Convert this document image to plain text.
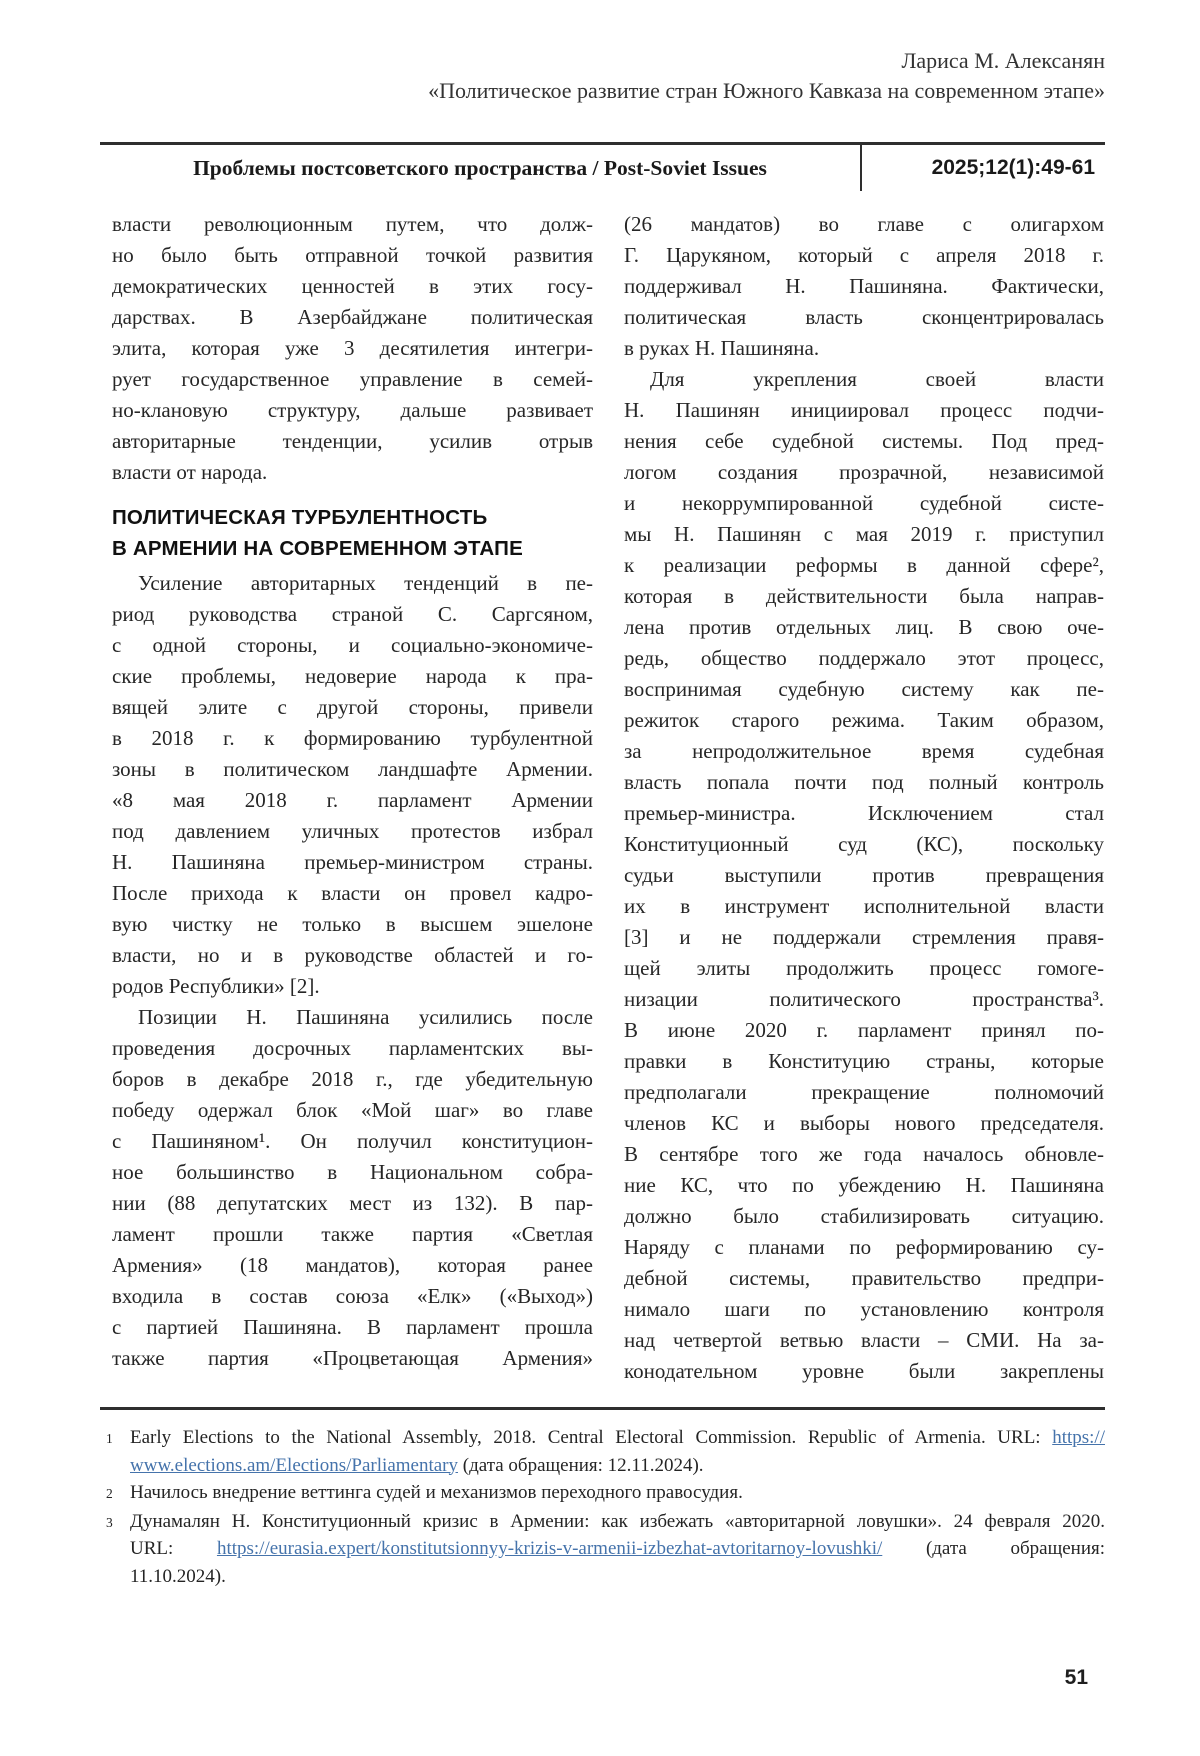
Лариса М. Алексанян
«Политическое развитие стран Южного Кавказа на современном этапе»
Проблемы постсоветского пространства / Post-Soviet Issues	2025;12(1):49-61
власти революционным путем, что долж-
но было быть отправной точкой развития
демократических ценностей в этих госу-
дарствах. В Азербайджане политическая
элита, которая уже 3 десятилетия интегри-
рует государственное управление в семей-
но-клановую структуру, дальше развивает
авторитарные тенденции, усилив отрыв
власти от народа.
ПОЛИТИЧЕСКАЯ ТУРБУЛЕНТНОСТЬ
В АРМЕНИИ НА СОВРЕМЕННОМ ЭТАПЕ
Усиление авторитарных тенденций в пе-
риод руководства страной С. Саргсяном,
с одной стороны, и социально-экономиче-
ские проблемы, недоверие народа к пра-
вящей элите с другой стороны, привели
в 2018 г. к формированию турбулентной
зоны в политическом ландшафте Армении.
«8 мая 2018 г. парламент Армении
под давлением уличных протестов избрал
Н. Пашиняна премьер-министром страны.
После прихода к власти он провел кадро-
вую чистку не только в высшем эшелоне
власти, но и в руководстве областей и го-
родов Республики» [2].
Позиции Н. Пашиняна усилились после
проведения досрочных парламентских вы-
боров в декабре 2018 г., где убедительную
победу одержал блок «Мой шаг» во главе
с Пашиняном¹. Он получил конституцион-
ное большинство в Национальном собра-
нии (88 депутатских мест из 132). В пар-
ламент прошли также партия «Светлая
Армения» (18 мандатов), которая ранее
входила в состав союза «Елк» («Выход»)
с партией Пашиняна. В парламент прошла
также партия «Процветающая Армения»
(26 мандатов) во главе с олигархом
Г. Царукяном, который с апреля 2018 г.
поддерживал Н. Пашиняна. Фактически,
политическая власть сконцентрировалась
в руках Н. Пашиняна.
Для укрепления своей власти
Н. Пашинян инициировал процесс подчи-
нения себе судебной системы. Под пред-
логом создания прозрачной, независимой
и некоррумпированной судебной систе-
мы Н. Пашинян с мая 2019 г. приступил
к реализации реформы в данной сфере²,
которая в действительности была направ-
лена против отдельных лиц. В свою оче-
редь, общество поддержало этот процесс,
воспринимая судебную систему как пе-
режиток старого режима. Таким образом,
за непродолжительное время судебная
власть попала почти под полный контроль
премьер-министра. Исключением стал
Конституционный суд (КС), поскольку
судьи выступили против превращения
их в инструмент исполнительной власти
[3] и не поддержали стремления правя-
щей элиты продолжить процесс гомоге-
низации политического пространства³.
В июне 2020 г. парламент принял по-
правки в Конституцию страны, которые
предполагали прекращение полномочий
членов КС и выборы нового председателя.
В сентябре того же года началось обновле-
ние КС, что по убеждению Н. Пашиняна
должно было стабилизировать ситуацию.
Наряду с планами по реформированию су-
дебной системы, правительство предпри-
нимало шаги по установлению контроля
над четвертой ветвью власти – СМИ. На за-
конодательном уровне были закреплены
1 Early Elections to the National Assembly, 2018. Central Electoral Commission. Republic of Armenia. URL: https://
www.elections.am/Elections/Parliamentary (дата обращения: 12.11.2024).
2 Начилось внедрение веттинга судей и механизмов переходного правосудия.
3 Дунамалян Н. Конституционный кризис в Армении: как избежать «авторитарной ловушки». 24 февраля 2020.
URL: https://eurasia.expert/konstitutsionnyy-krizis-v-armenii-izbezhat-avtoritarnoy-lovushki/ (дата обращения:
11.10.2024).
51
